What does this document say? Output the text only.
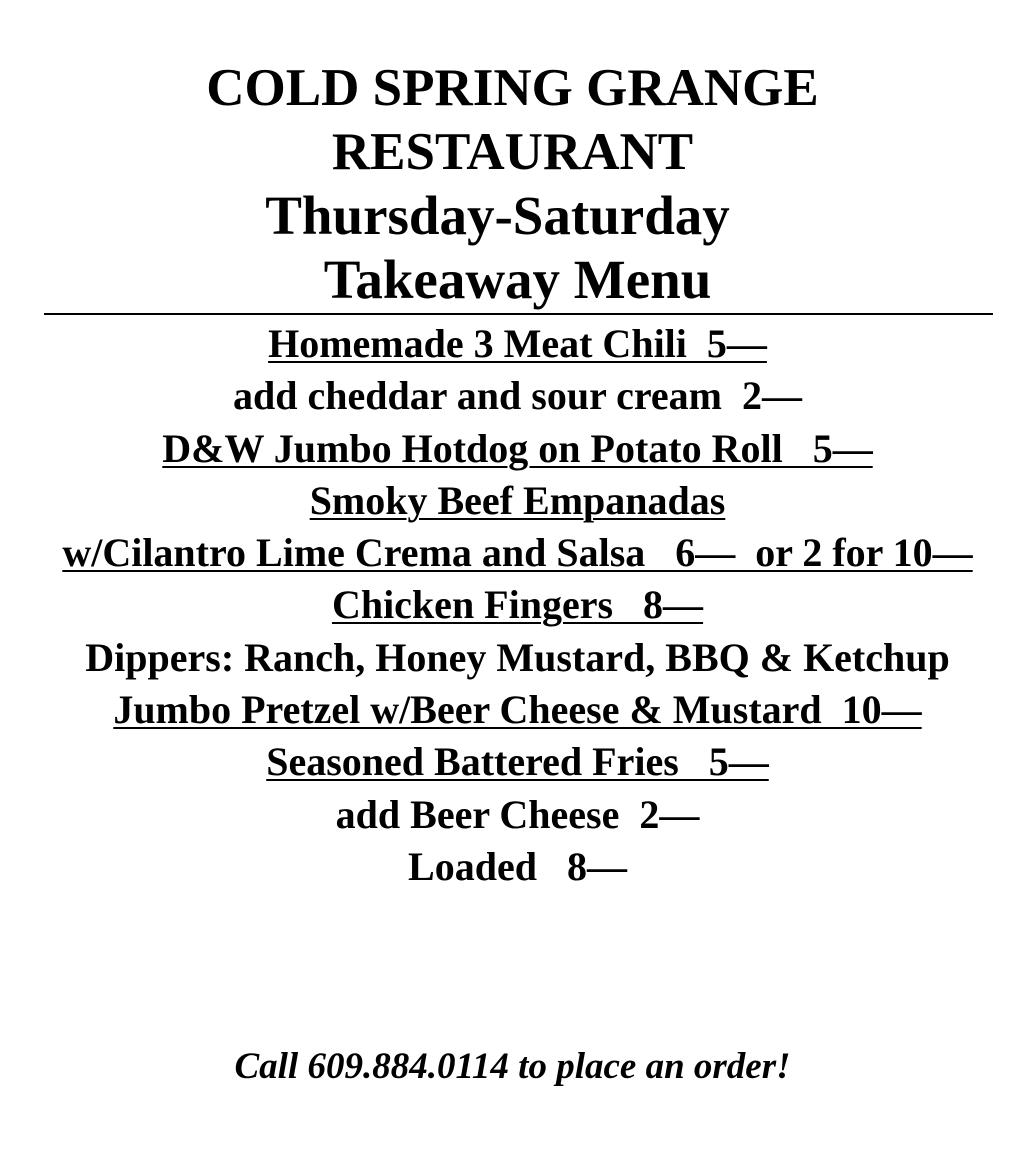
COLD SPRING GRANGE

RESTAURANT

Thursday-Saturday

Takeaway Menu

Homemade 3 Meat Chili  5—

add cheddar and sour cream  2—

D&W Jumbo Hotdog on Potato Roll   5—

Smoky Beef Empanadas

w/Cilantro Lime Crema and Salsa   6—  or 2 for 10—

Chicken Fingers   8—

Dippers: Ranch, Honey Mustard, BBQ & Ketchup

Jumbo Pretzel w/Beer Cheese & Mustard  10—

Seasoned Battered Fries   5—

add Beer Cheese  2—

Loaded   8—

Call 609.884.0114 to place an order!
